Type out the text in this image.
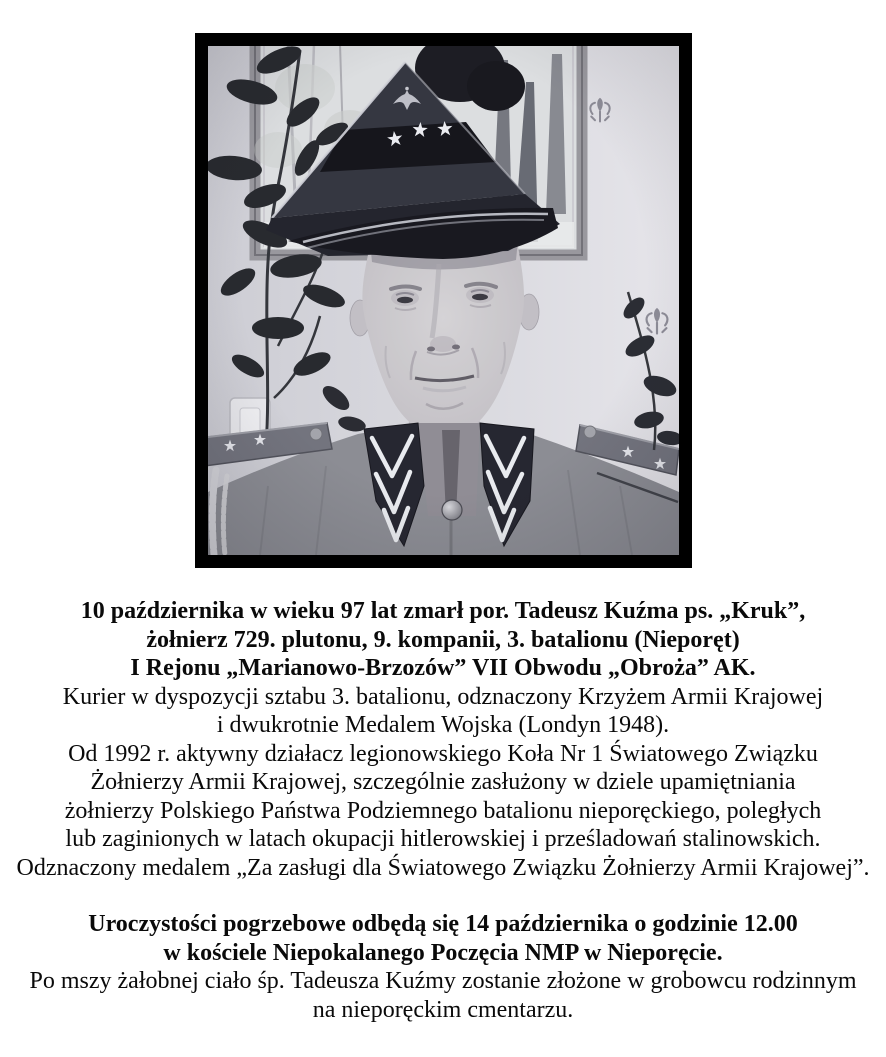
10 października w wieku 97 lat zmarł por. Tadeusz Kuźma ps. „Kruk”,

żołnierz 729. plutonu, 9. kompanii, 3. batalionu (Nieporęt)

I Rejonu „Marianowo-Brzozów” VII Obwodu „Obroża” AK.

Kurier w dyspozycji sztabu 3. batalionu, odznaczony Krzyżem Armii Krajowej

i dwukrotnie Medalem Wojska (Londyn 1948).

Od 1992 r. aktywny działacz legionowskiego Koła Nr 1 Światowego Związku

Żołnierzy Armii Krajowej, szczególnie zasłużony w dziele upamiętniania

żołnierzy Polskiego Państwa Podziemnego batalionu nieporęckiego, poległych

lub zaginionych w latach okupacji hitlerowskiej i prześladowań stalinowskich.

Odznaczony medalem „Za zasługi dla Światowego Związku Żołnierzy Armii Krajowej”.

Uroczystości pogrzebowe odbędą się 14 października o godzinie 12.00

w kościele Niepokalanego Poczęcia NMP w Nieporęcie.

Po mszy żałobnej ciało śp. Tadeusza Kuźmy zostanie złożone w grobowcu rodzinnym

na nieporęckim cmentarzu.
